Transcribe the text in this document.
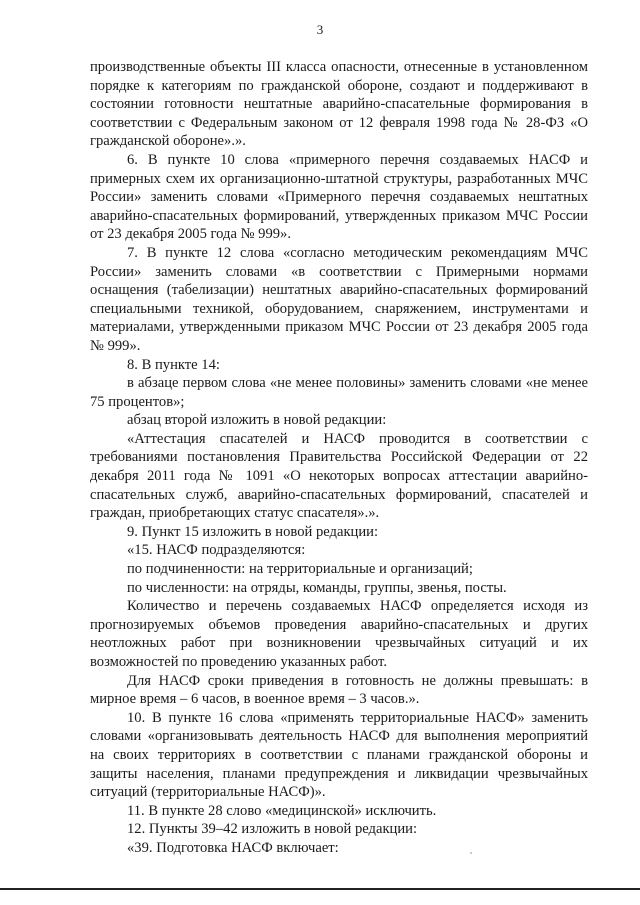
3

производственные объекты III класса опасности, отнесенные в установленном порядке к категориям по гражданской обороне, создают и поддерживают в состоянии готовности нештатные аварийно-спасательные формирования в соответствии с Федеральным законом от 12 февраля 1998 года № 28-ФЗ «О гражданской обороне».».

6. В пункте 10 слова «примерного перечня создаваемых НАСФ и примерных схем их организационно-штатной структуры, разработанных МЧС России» заменить словами «Примерного перечня создаваемых нештатных аварийно-спасательных формирований, утвержденных приказом МЧС России от 23 декабря 2005 года № 999».

7. В пункте 12 слова «согласно методическим рекомендациям МЧС России» заменить словами «в соответствии с Примерными нормами оснащения (табелизации) нештатных аварийно-спасательных формирований специальными техникой, оборудованием, снаряжением, инструментами и материалами, утвержденными приказом МЧС России от 23 декабря 2005 года № 999».

8. В пункте 14:

в абзаце первом слова «не менее половины» заменить словами «не менее 75 процентов»;

абзац второй изложить в новой редакции:

«Аттестация спасателей и НАСФ проводится в соответствии с требованиями постановления Правительства Российской Федерации от 22 декабря 2011 года № 1091 «О некоторых вопросах аттестации аварийно-спасательных служб, аварийно-спасательных формирований, спасателей и граждан, приобретающих статус спасателя».».

9. Пункт 15 изложить в новой редакции:

«15. НАСФ подразделяются:

по подчиненности: на территориальные и организаций;

по численности: на отряды, команды, группы, звенья, посты.

Количество и перечень создаваемых НАСФ определяется исходя из прогнозируемых объемов проведения аварийно-спасательных и других неотложных работ при возникновении чрезвычайных ситуаций и их возможностей по проведению указанных работ.

Для НАСФ сроки приведения в готовность не должны превышать: в мирное время – 6 часов, в военное время – 3 часов.».

10. В пункте 16 слова «применять территориальные НАСФ» заменить словами «организовывать деятельность НАСФ для выполнения мероприятий на своих территориях в соответствии с планами гражданской обороны и защиты населения, планами предупреждения и ликвидации чрезвычайных ситуаций (территориальные НАСФ)».

11. В пункте 28 слово «медицинской» исключить.

12. Пункты 39–42 изложить в новой редакции:

«39. Подготовка НАСФ включает:
